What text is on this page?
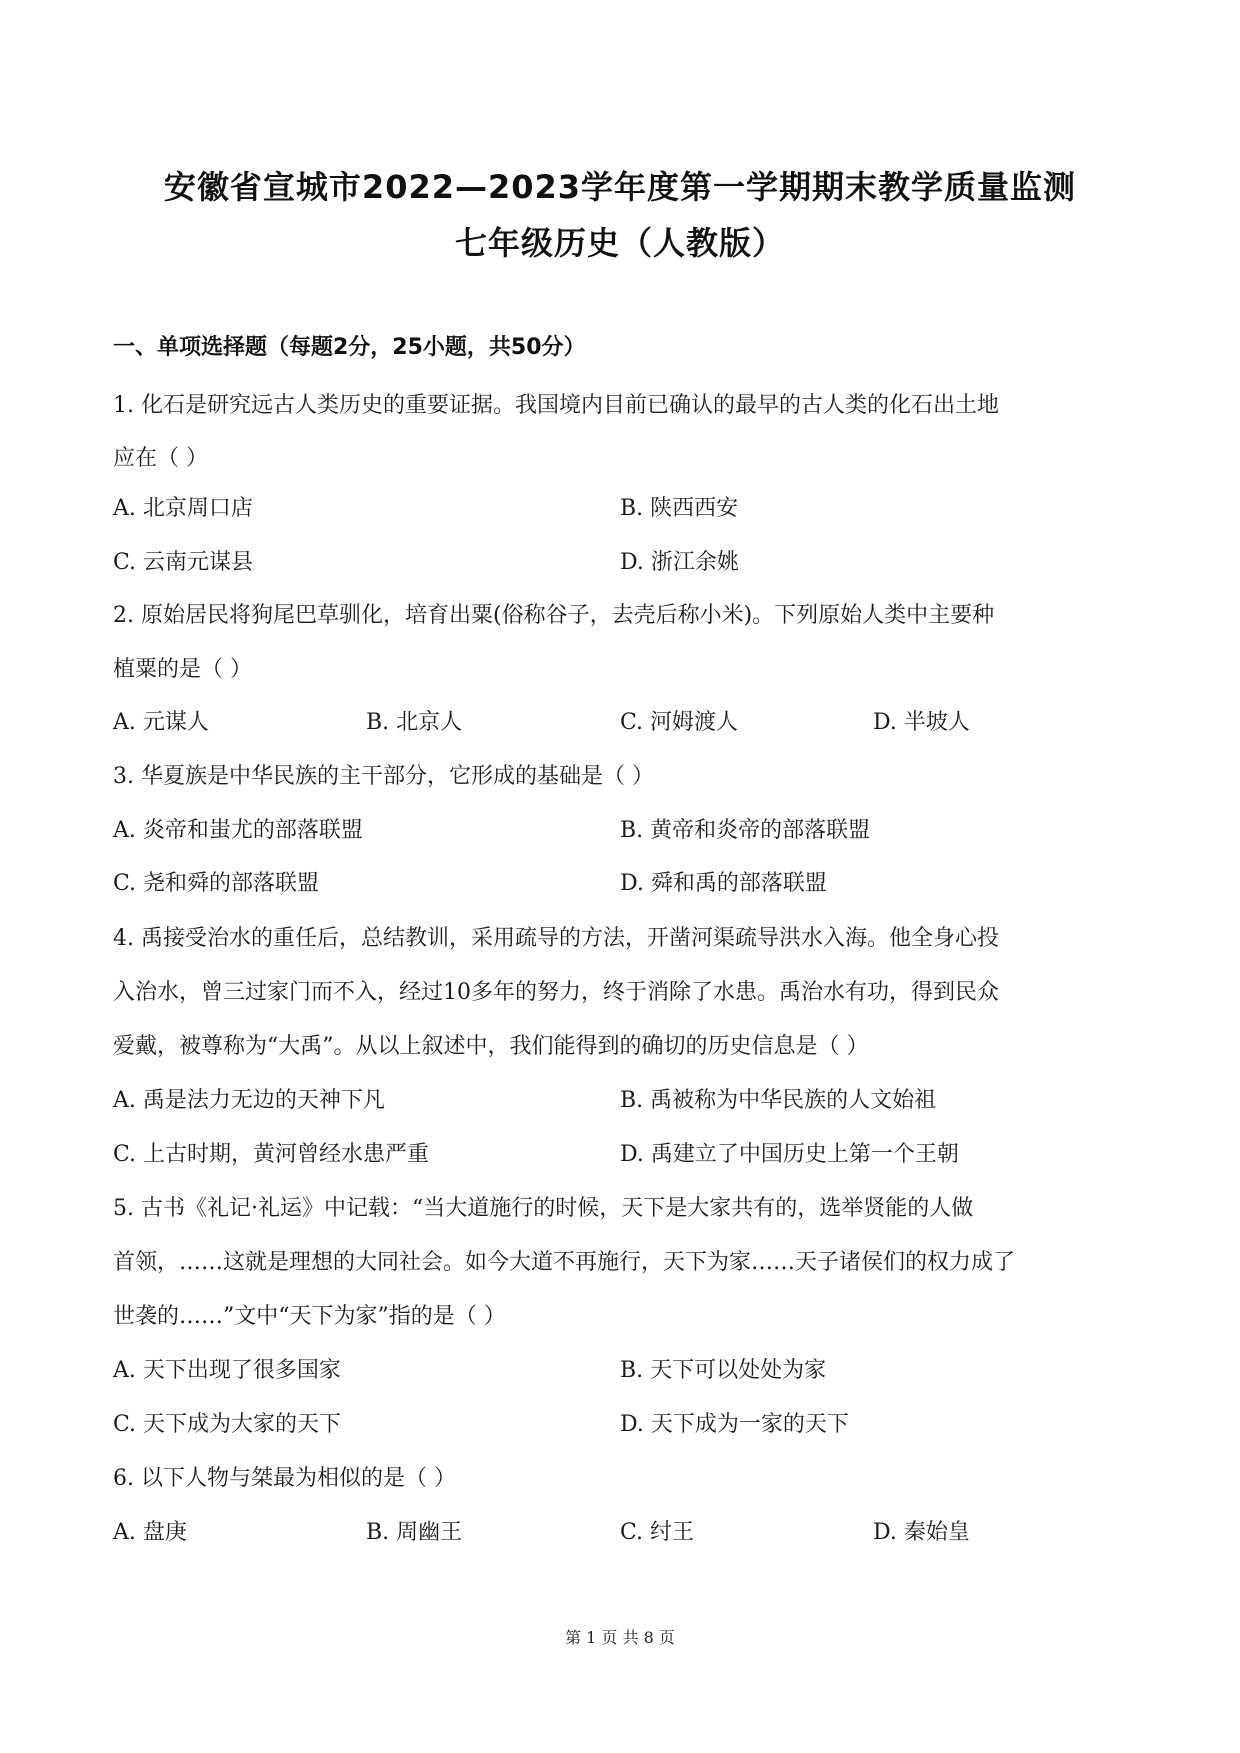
安徽省宣城市2022—2023学年度第一学期期末教学质量监测
七年级历史（人教版）
一、单项选择题（每题2分，25小题，共50分）
1. 化石是研究远古人类历史的重要证据。我国境内目前已确认的最早的古人类的化石出土地
应在（ ）
A. 北京周口店	B. 陕西西安
C. 云南元谋县	D. 浙江余姚
2. 原始居民将狗尾巴草驯化，培育出粟(俗称谷子，去壳后称小米)。下列原始人类中主要种
植粟的是（ ）
A. 元谋人	B. 北京人	C. 河姆渡人	D. 半坡人
3. 华夏族是中华民族的主干部分，它形成的基础是（ ）
A. 炎帝和蚩尤的部落联盟	B. 黄帝和炎帝的部落联盟
C. 尧和舜的部落联盟	D. 舜和禹的部落联盟
4. 禹接受治水的重任后，总结教训，采用疏导的方法，开凿河渠疏导洪水入海。他全身心投
入治水，曾三过家门而不入，经过10多年的努力，终于消除了水患。禹治水有功，得到民众
爱戴，被尊称为“大禹”。从以上叙述中，我们能得到的确切的历史信息是（ ）
A. 禹是法力无边的天神下凡	B. 禹被称为中华民族的人文始祖
C. 上古时期，黄河曾经水患严重	D. 禹建立了中国历史上第一个王朝
5. 古书《礼记·礼运》中记载：“当大道施行的时候，天下是大家共有的，选举贤能的人做
首领，……这就是理想的大同社会。如今大道不再施行，天下为家……天子诸侯们的权力成了
世袭的……”文中“天下为家”指的是（ ）
A. 天下出现了很多国家	B. 天下可以处处为家
C. 天下成为大家的天下	D. 天下成为一家的天下
6. 以下人物与桀最为相似的是（ ）
A. 盘庚	B. 周幽王	C. 纣王	D. 秦始皇
第 1 页 共 8 页
